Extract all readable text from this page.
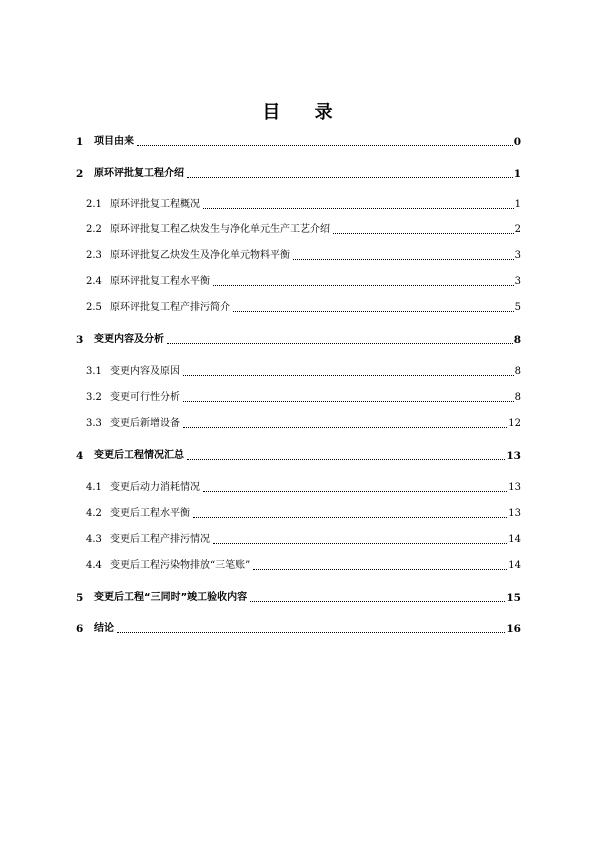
目 录
1	项目由来	0
2	原环评批复工程介绍	1
2.1 原环评批复工程概况	1
2.2 原环评批复工程乙炔发生与净化单元生产工艺介绍	2
2.3 原环评批复乙炔发生及净化单元物料平衡	3
2.4 原环评批复工程水平衡	3
2.5 原环评批复工程产排污简介	5
3	变更内容及分析	8
3.1 变更内容及原因	8
3.2 变更可行性分析	8
3.3 变更后新增设备	12
4	变更后工程情况汇总	13
4.1 变更后动力消耗情况	13
4.2 变更后工程水平衡	13
4.3 变更后工程产排污情况	14
4.4 变更后工程污染物排放“三笔账”	14
5	变更后工程“三同时”竣工验收内容	15
6	结论	16
